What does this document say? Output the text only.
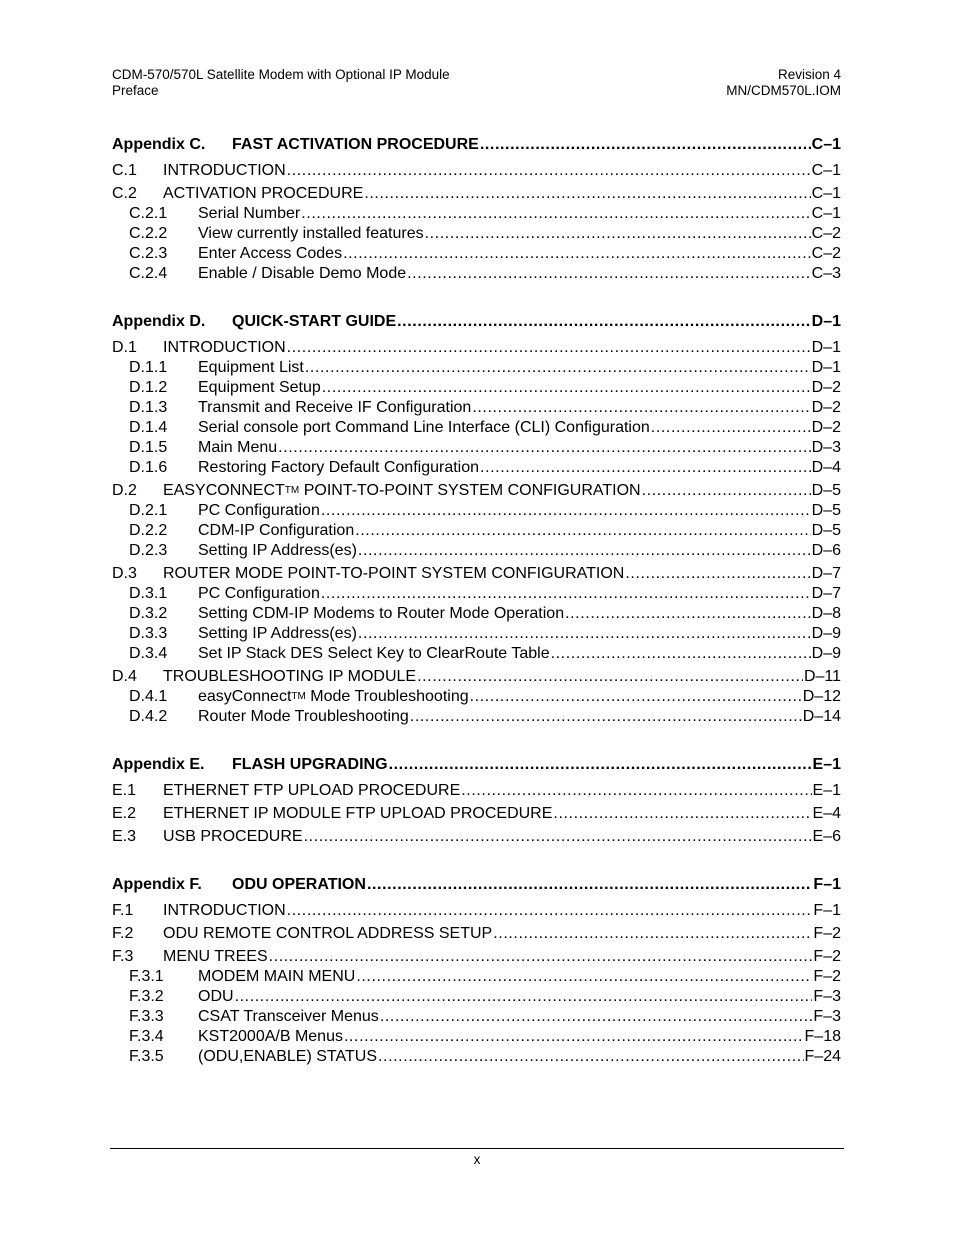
CDM-570/570L Satellite Modem with Optional IP Module
Preface
Revision 4
MN/CDM570L.IOM
Appendix C.	FAST ACTIVATION PROCEDURE .....	C–1
C.1	INTRODUCTION .....	C–1
C.2	ACTIVATION PROCEDURE .....	C–1
C.2.1	Serial Number .....	C–1
C.2.2	View currently installed features .....	C–2
C.2.3	Enter Access Codes .....	C–2
C.2.4	Enable / Disable Demo Mode .....	C–3
Appendix D.	QUICK-START GUIDE .....	D–1
D.1	INTRODUCTION .....	D–1
D.1.1	Equipment List .....	D–1
D.1.2	Equipment Setup .....	D–2
D.1.3	Transmit and Receive IF Configuration .....	D–2
D.1.4	Serial console port Command Line Interface (CLI) Configuration .....	D–2
D.1.5	Main Menu .....	D–3
D.1.6	Restoring Factory Default Configuration .....	D–4
D.2	EASYCONNECTTM POINT-TO-POINT SYSTEM CONFIGURATION .....	D–5
D.2.1	PC Configuration .....	D–5
D.2.2	CDM-IP Configuration .....	D–5
D.2.3	Setting IP Address(es) .....	D–6
D.3	ROUTER MODE POINT-TO-POINT SYSTEM CONFIGURATION .....	D–7
D.3.1	PC Configuration .....	D–7
D.3.2	Setting CDM-IP Modems to Router Mode Operation .....	D–8
D.3.3	Setting IP Address(es) .....	D–9
D.3.4	Set IP Stack DES Select Key to ClearRoute Table .....	D–9
D.4	TROUBLESHOOTING IP MODULE .....	D–11
D.4.1	easyConnectTM Mode Troubleshooting .....	D–12
D.4.2	Router Mode Troubleshooting .....	D–14
Appendix E.	FLASH UPGRADING .....	E–1
E.1	ETHERNET FTP UPLOAD PROCEDURE .....	E–1
E.2	ETHERNET IP MODULE FTP UPLOAD PROCEDURE .....	E–4
E.3	USB PROCEDURE .....	E–6
Appendix F.	ODU OPERATION .....	F–1
F.1	INTRODUCTION .....	F–1
F.2	ODU REMOTE CONTROL ADDRESS SETUP .....	F–2
F.3	MENU TREES .....	F–2
F.3.1	MODEM MAIN MENU .....	F–2
F.3.2	ODU .....	F–3
F.3.3	CSAT Transceiver Menus .....	F–3
F.3.4	KST2000A/B Menus .....	F–18
F.3.5	(ODU,ENABLE) STATUS .....	F–24
x
